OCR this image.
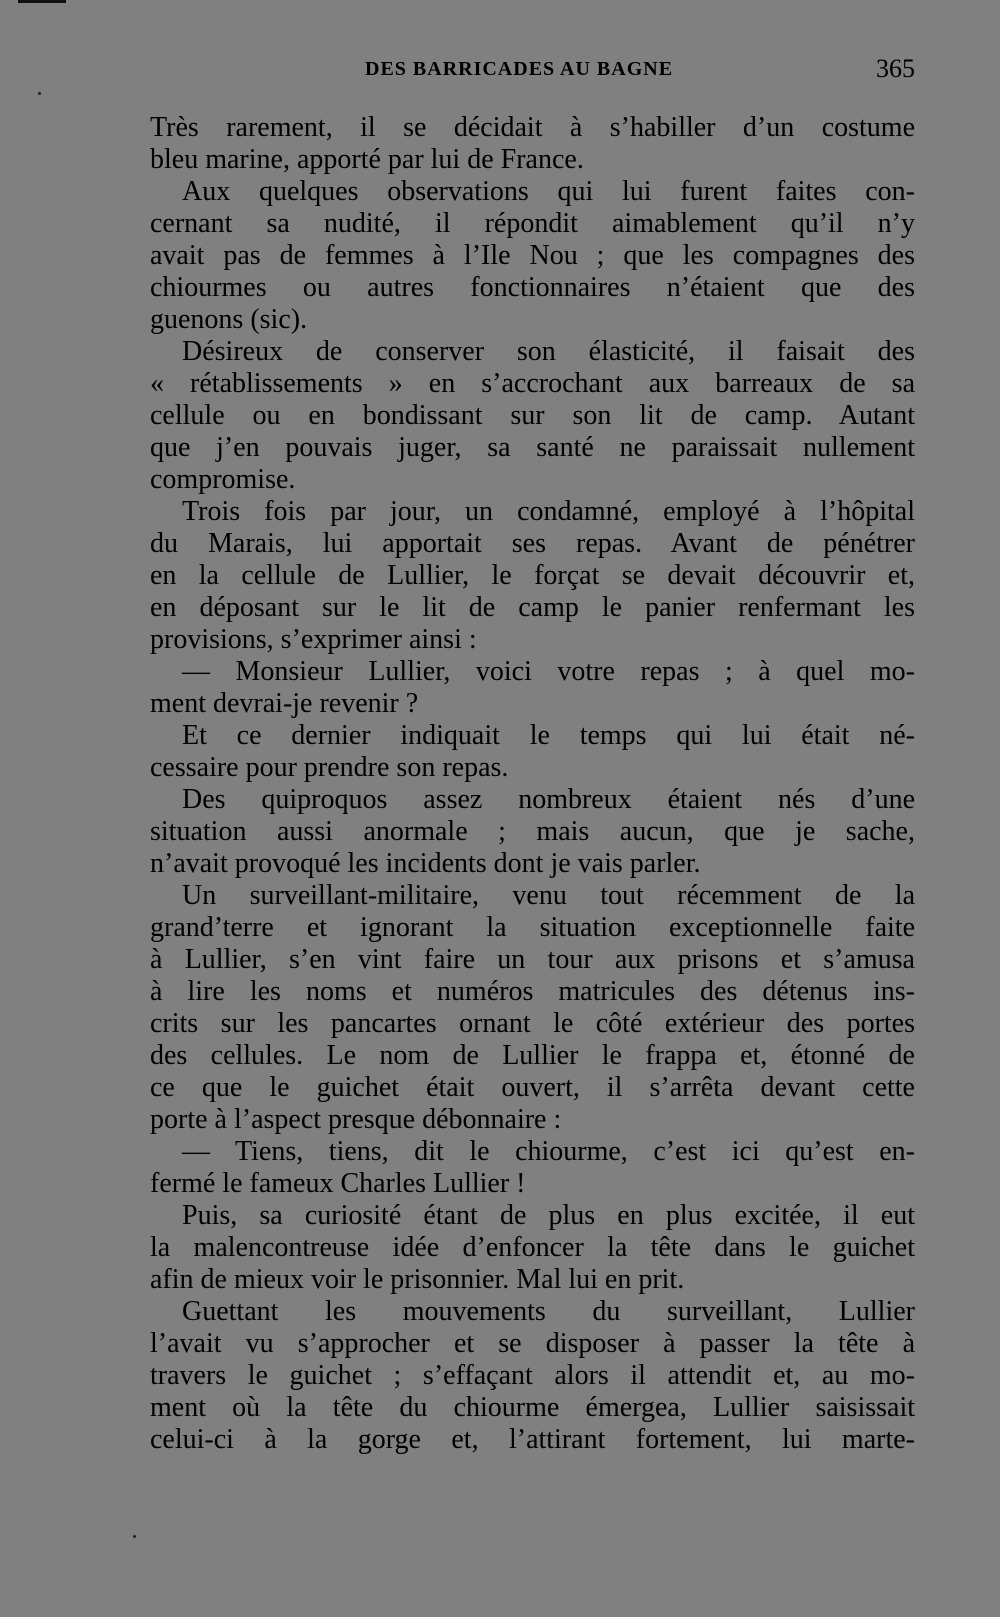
DES BARRICADES AU BAGNE	365
Très rarement, il se décidait à s’habiller d’un costume
bleu marine, apporté par lui de France.
Aux quelques observations qui lui furent faites con-
cernant sa nudité, il répondit aimablement qu’il n’y
avait pas de femmes à l’Ile Nou ; que les compagnes des
chiourmes ou autres fonctionnaires n’étaient que des
guenons (sic).
Désireux de conserver son élasticité, il faisait des
« rétablissements » en s’accrochant aux barreaux de sa
cellule ou en bondissant sur son lit de camp. Autant
que j’en pouvais juger, sa santé ne paraissait nullement
compromise.
Trois fois par jour, un condamné, employé à l’hôpital
du Marais, lui apportait ses repas. Avant de pénétrer
en la cellule de Lullier, le forçat se devait découvrir et,
en déposant sur le lit de camp le panier renfermant les
provisions, s’exprimer ainsi :
— Monsieur Lullier, voici votre repas ; à quel mo-
ment devrai-je revenir ?
Et ce dernier indiquait le temps qui lui était né-
cessaire pour prendre son repas.
Des quiproquos assez nombreux étaient nés d’une
situation aussi anormale ; mais aucun, que je sache,
n’avait provoqué les incidents dont je vais parler.
Un surveillant-militaire, venu tout récemment de la
grand’terre et ignorant la situation exceptionnelle faite
à Lullier, s’en vint faire un tour aux prisons et s’amusa
à lire les noms et numéros matricules des détenus ins-
crits sur les pancartes ornant le côté extérieur des portes
des cellules. Le nom de Lullier le frappa et, étonné de
ce que le guichet était ouvert, il s’arrêta devant cette
porte à l’aspect presque débonnaire :
— Tiens, tiens, dit le chiourme, c’est ici qu’est en-
fermé le fameux Charles Lullier !
Puis, sa curiosité étant de plus en plus excitée, il eut
la malencontreuse idée d’enfoncer la tête dans le guichet
afin de mieux voir le prisonnier. Mal lui en prit.
Guettant les mouvements du surveillant, Lullier
l’avait vu s’approcher et se disposer à passer la tête à
travers le guichet ; s’effaçant alors il attendit et, au mo-
ment où la tête du chiourme émergea, Lullier saisissait
celui-ci à la gorge et, l’attirant fortement, lui marte-
